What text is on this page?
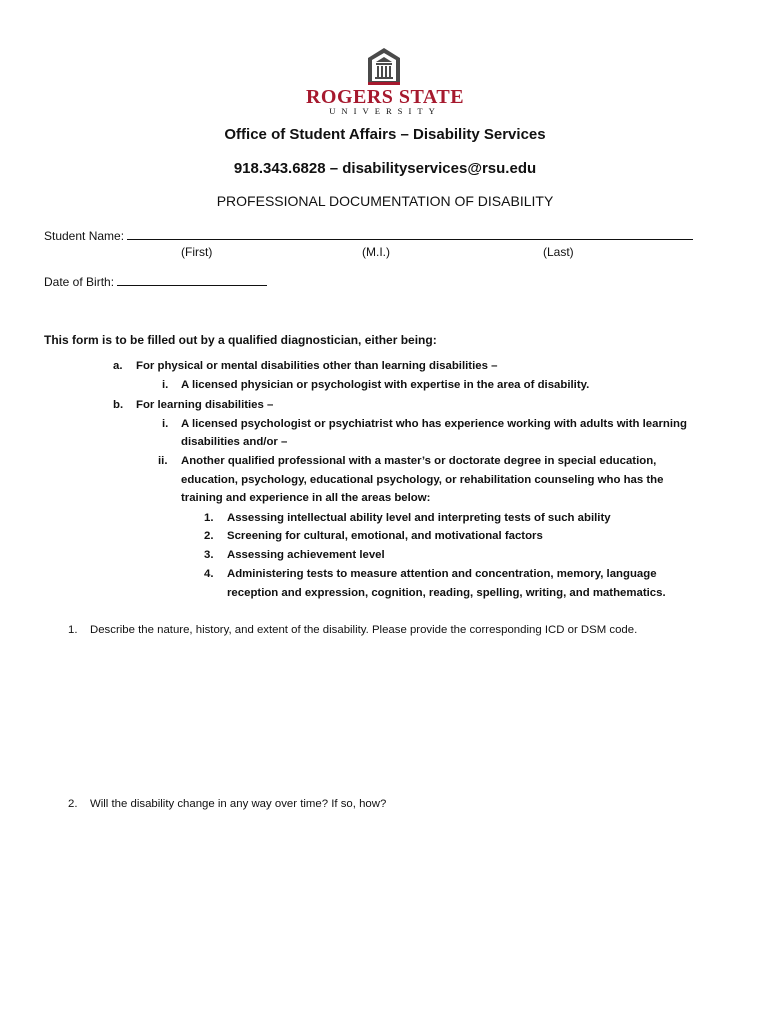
ROGERS STATE
UNIVERSITY
Office of Student Affairs – Disability Services
918.343.6828 – disabilityservices@rsu.edu
PROFESSIONAL DOCUMENTATION OF DISABILITY
Student Name:
(First)	(M.I.)	(Last)
Date of Birth:
This form is to be filled out by a qualified diagnostician, either being:
a. For physical or mental disabilities other than learning disabilities –
i. A licensed physician or psychologist with expertise in the area of disability.
b. For learning disabilities –
i. A licensed psychologist or psychiatrist who has experience working with adults with learning
disabilities and/or –
ii. Another qualified professional with a master’s or doctorate degree in special education,
education, psychology, educational psychology, or rehabilitation counseling who has the
training and experience in all the areas below:
1. Assessing intellectual ability level and interpreting tests of such ability
2. Screening for cultural, emotional, and motivational factors
3. Assessing achievement level
4. Administering tests to measure attention and concentration, memory, language
reception and expression, cognition, reading, spelling, writing, and mathematics.
1. Describe the nature, history, and extent of the disability. Please provide the corresponding ICD or DSM code.
2. Will the disability change in any way over time? If so, how?
